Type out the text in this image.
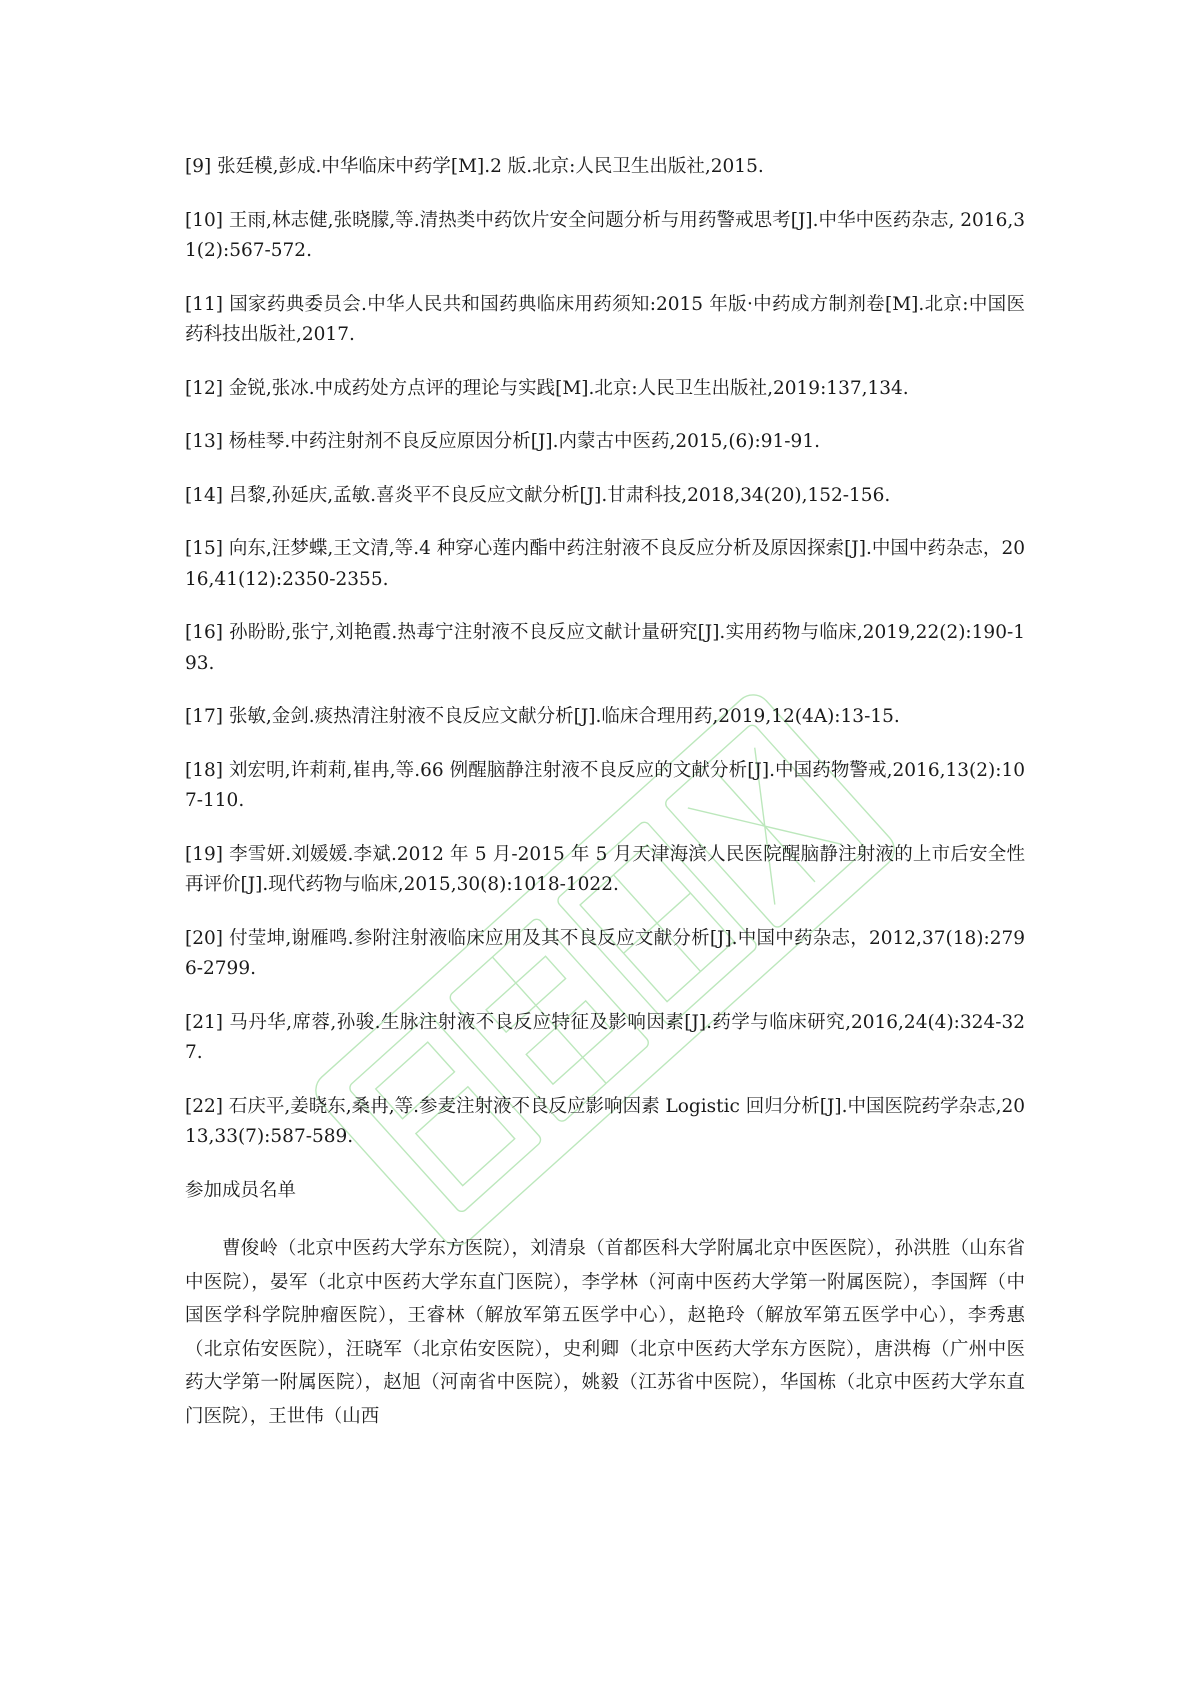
[9] 张廷模,彭成.中华临床中药学[M].2 版.北京:人民卫生出版社,2015.

[10] 王雨,林志健,张晓朦,等.清热类中药饮片安全问题分析与用药警戒思考[J].中华中医药杂志, 2016,31(2):567-572.

[11] 国家药典委员会.中华人民共和国药典临床用药须知:2015 年版·中药成方制剂卷[M].北京:中国医药科技出版社,2017.

[12] 金锐,张冰.中成药处方点评的理论与实践[M].北京:人民卫生出版社,2019:137,134.

[13] 杨桂琴.中药注射剂不良反应原因分析[J].内蒙古中医药,2015,(6):91-91.

[14] 吕黎,孙延庆,孟敏.喜炎平不良反应文献分析[J].甘肃科技,2018,34(20),152-156.

[15] 向东,汪梦蝶,王文清,等.4 种穿心莲内酯中药注射液不良反应分析及原因探索[J].中国中药杂志，2016,41(12):2350-2355.

[16] 孙盼盼,张宁,刘艳霞.热毒宁注射液不良反应文献计量研究[J].实用药物与临床,2019,22(2):190-193.

[17] 张敏,金剑.痰热清注射液不良反应文献分析[J].临床合理用药,2019,12(4A):13-15.

[18] 刘宏明,许莉莉,崔冉,等.66 例醒脑静注射液不良反应的文献分析[J].中国药物警戒,2016,13(2):107-110.

[19] 李雪妍.刘媛媛.李斌.2012 年 5 月-2015 年 5 月天津海滨人民医院醒脑静注射液的上市后安全性再评价[J].现代药物与临床,2015,30(8):1018-1022.

[20] 付莹坤,谢雁鸣.参附注射液临床应用及其不良反应文献分析[J].中国中药杂志，2012,37(18):2796-2799.

[21] 马丹华,席蓉,孙骏.生脉注射液不良反应特征及影响因素[J].药学与临床研究,2016,24(4):324-327.

[22] 石庆平,姜晓东,桑冉,等.参麦注射液不良反应影响因素 Logistic 回归分析[J].中国医院药学杂志,2013,33(7):587-589.

参加成员名单

曹俊岭（北京中医药大学东方医院），刘清泉（首都医科大学附属北京中医医院），孙洪胜（山东省中医院），晏军（北京中医药大学东直门医院），李学林（河南中医药大学第一附属医院），李国辉（中国医学科学院肿瘤医院），王睿林（解放军第五医学中心），赵艳玲（解放军第五医学中心），李秀惠（北京佑安医院），汪晓军（北京佑安医院），史利卿（北京中医药大学东方医院），唐洪梅（广州中医药大学第一附属医院），赵旭（河南省中医院），姚毅（江苏省中医院），华国栋（北京中医药大学东直门医院），王世伟（山西
